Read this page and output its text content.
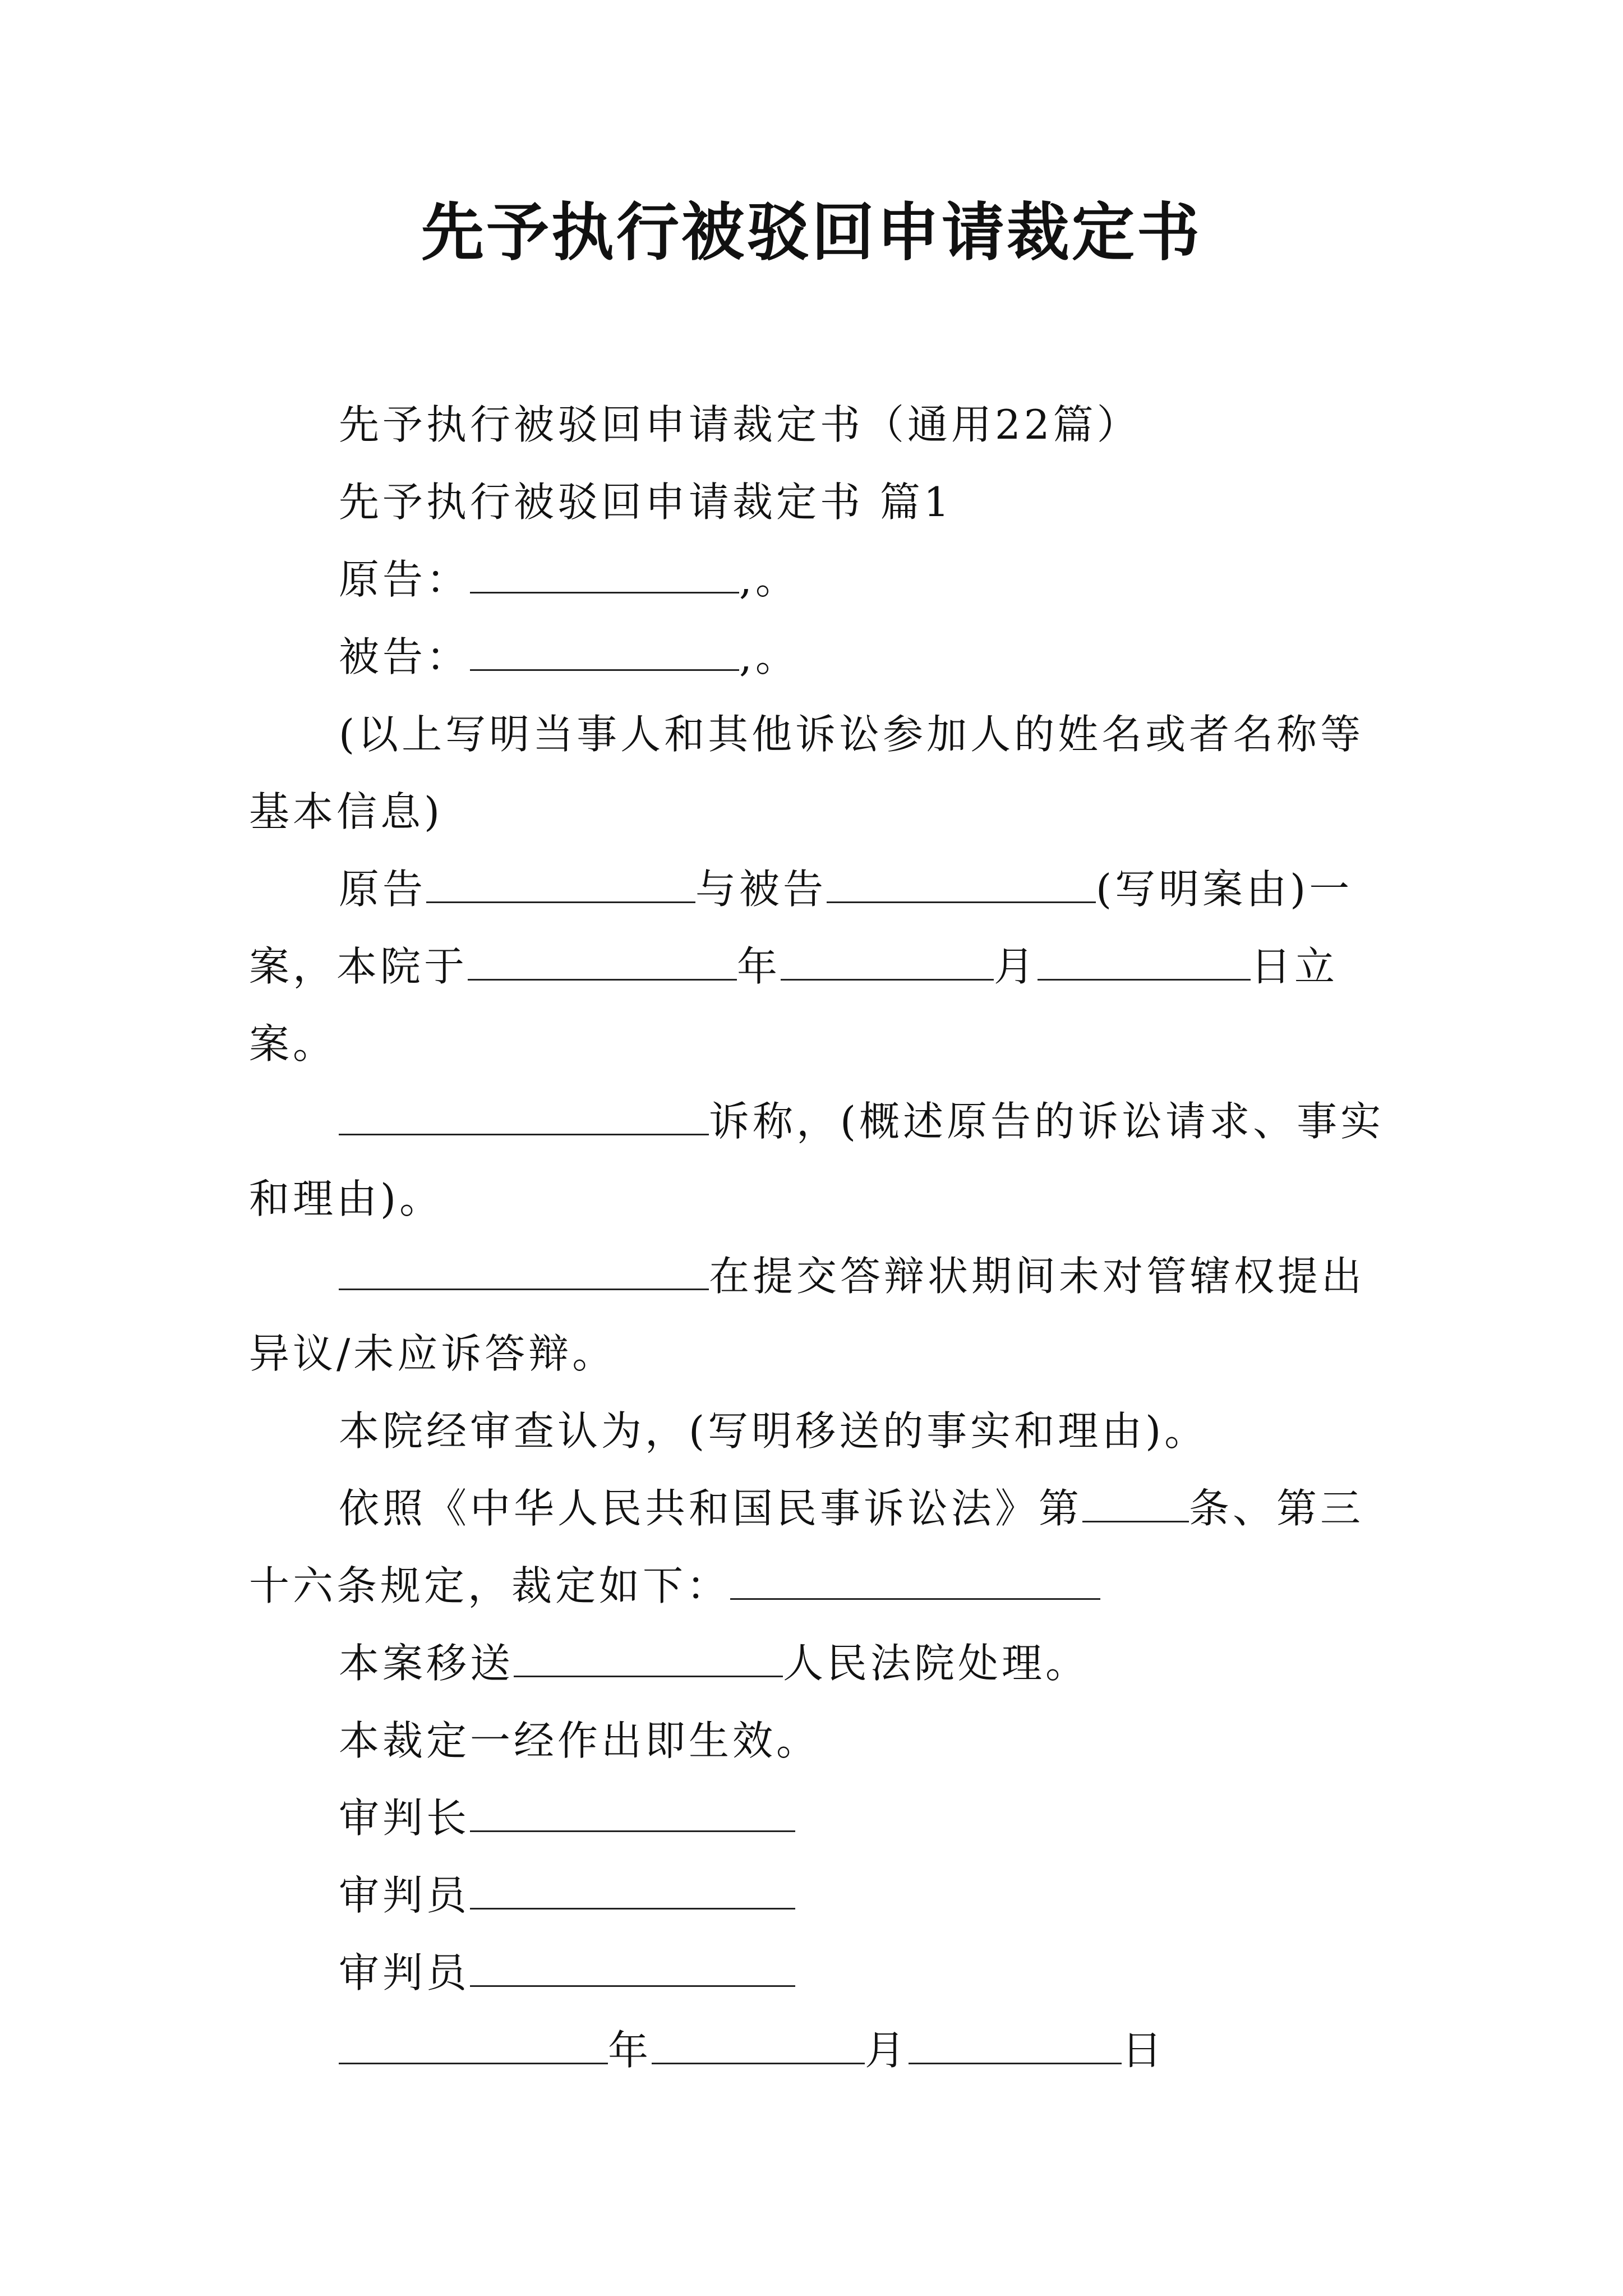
先予执行被驳回申请裁定书

先予执行被驳回申请裁定书（通用22篇）

先予执行被驳回申请裁定书 篇1

原告：	,。

被告：	,。

(以上写明当事人和其他诉讼参加人的姓名或者名称等基本信息)

原告	与被告	(写明案由)一案，本院于	年	月	日立案。

诉称，(概述原告的诉讼请求、事实和理由)。

在提交答辩状期间未对管辖权提出异议/未应诉答辩。

本院经审查认为，(写明移送的事实和理由)。

依照《中华人民共和国民事诉讼法》第	条、第三十六条规定，裁定如下：

本案移送	人民法院处理。

本裁定一经作出即生效。

审判长

审判员

审判员

年	月	日
